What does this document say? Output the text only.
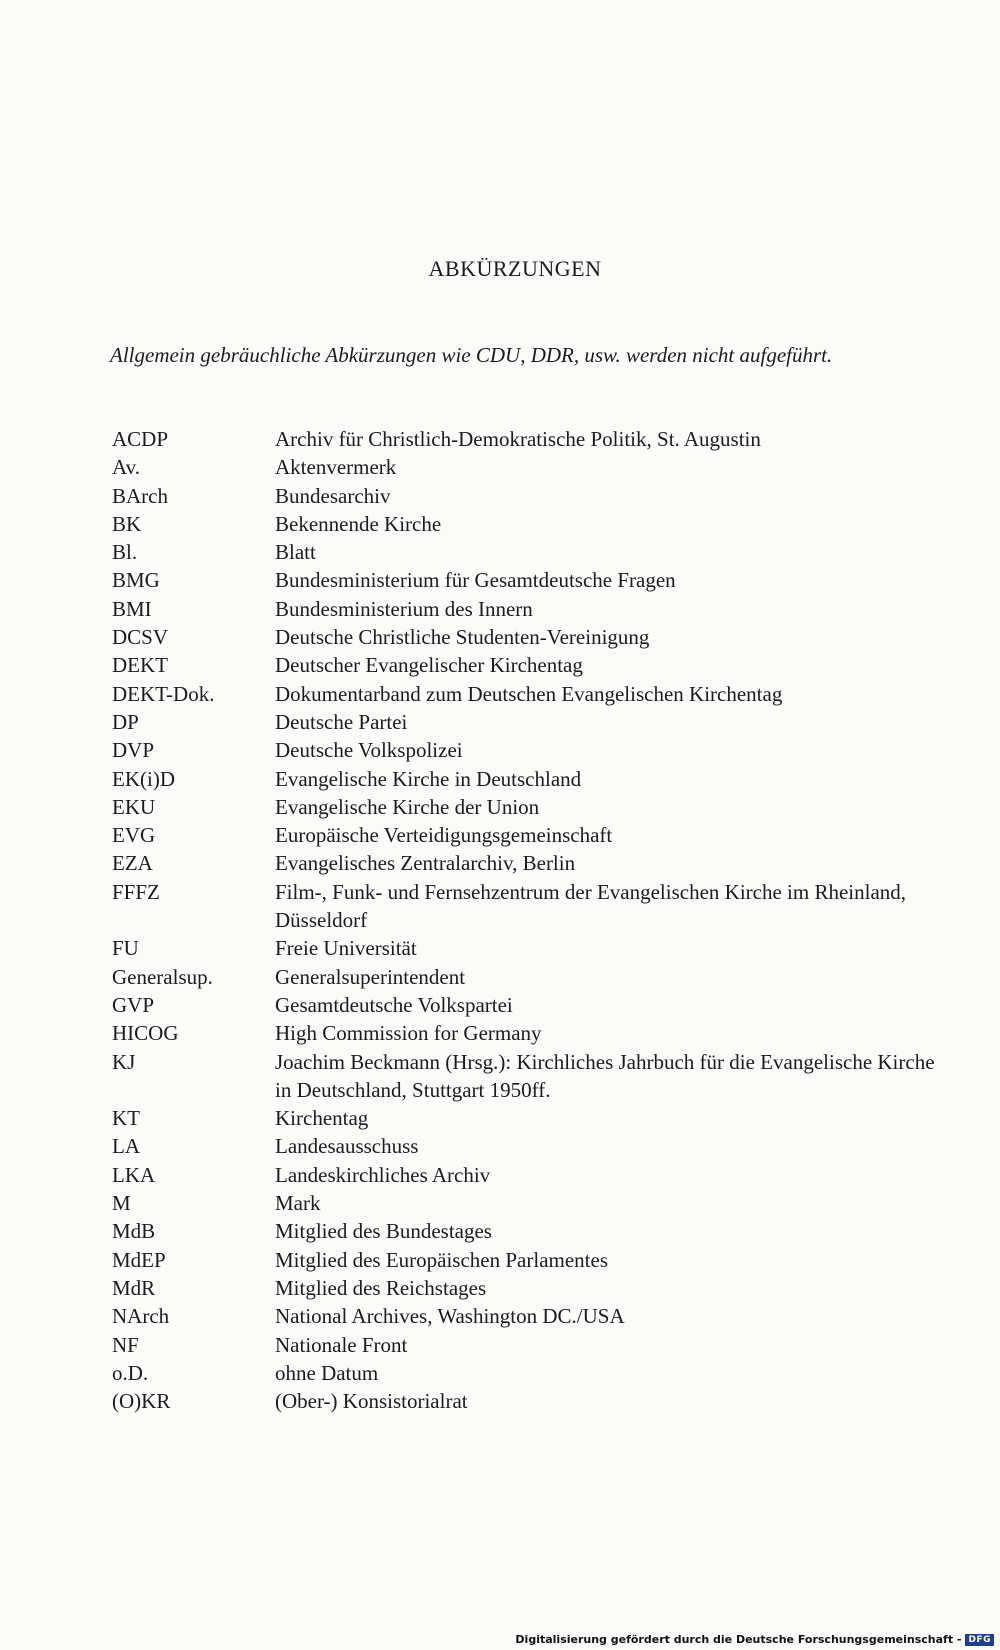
ABKÜRZUNGEN
Allgemein gebräuchliche Abkürzungen wie CDU, DDR, usw. werden nicht aufgeführt.
ACDP	Archiv für Christlich-Demokratische Politik, St. Augustin
Av.	Aktenvermerk
BArch	Bundesarchiv
BK	Bekennende Kirche
Bl.	Blatt
BMG	Bundesministerium für Gesamtdeutsche Fragen
BMI	Bundesministerium des Innern
DCSV	Deutsche Christliche Studenten-Vereinigung
DEKT	Deutscher Evangelischer Kirchentag
DEKT-Dok.	Dokumentarband zum Deutschen Evangelischen Kirchentag
DP	Deutsche Partei
DVP	Deutsche Volkspolizei
EK(i)D	Evangelische Kirche in Deutschland
EKU	Evangelische Kirche der Union
EVG	Europäische Verteidigungsgemeinschaft
EZA	Evangelisches Zentralarchiv, Berlin
FFFZ	Film-, Funk- und Fernsehzentrum der Evangelischen Kirche im Rheinland, Düsseldorf
FU	Freie Universität
Generalsup.	Generalsuperintendent
GVP	Gesamtdeutsche Volkspartei
HICOG	High Commission for Germany
KJ	Joachim Beckmann (Hrsg.): Kirchliches Jahrbuch für die Evangelische Kirche in Deutschland, Stuttgart 1950ff.
KT	Kirchentag
LA	Landesausschuss
LKA	Landeskirchliches Archiv
M	Mark
MdB	Mitglied des Bundestages
MdEP	Mitglied des Europäischen Parlamentes
MdR	Mitglied des Reichstages
NArch	National Archives, Washington DC./USA
NF	Nationale Front
o.D.	ohne Datum
(O)KR	(Ober-) Konsistorialrat
Digitalisierung gefördert durch die Deutsche Forschungsgemeinschaft - DFG
